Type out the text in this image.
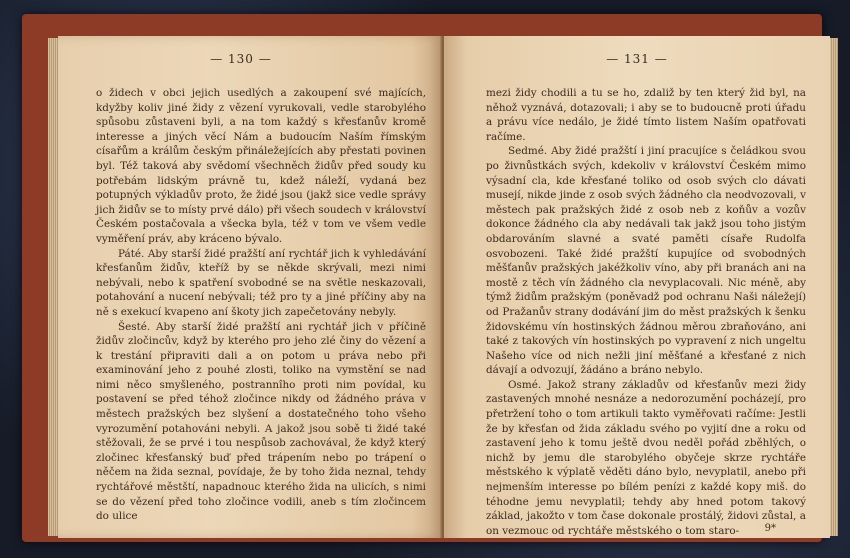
— 130 —

o židech v obci jejich usedlých a zakoupení své majících, kdyžby koliv jiné židy z vězení vyrukovali, vedle starobylého spůsobu zůstaveni byli, a na tom každý s křesťanův kromě interesse a jiných věcí Nám a budoucím Naším římským císařům a králům českým přináležejících aby přestati povinen byl. Též taková aby svědomí všechněch židův před soudy ku potřebám lidským právně tu, kdež náleží, vydaná bez potupných výkladův proto, že židé jsou (jakž sice vedle správy jich židův se to místy prvé dálo) při všech soudech v království Českém postačovala a všecka byla, též v tom ve všem vedle vyměření práv, aby kráceno bývalo.

Páté. Aby starší židé pražští aní rychtář jich k vyhledávání křesťanům židův, kteříž by se někde skrývali, mezi nimi nebývali, nebo k spatření svobodné se na světle neskazovali, potahování a nucení nebývali; též pro ty a jiné příčiny aby na ně s exekucí kvapeno aní škoty jich zapečetovány nebyly.

Šesté. Aby starší židé pražští ani rychtář jich v příčině židův zločincův, když by kterého pro jeho zlé činy do vězení a k trestání připraviti dali a on potom u práva nebo při examinování jeho z pouhé zlosti, toliko na vymstění se nad nimi něco smyšleného, postrannîho proti nim povídal, ku postavení se před téhož zločince nikdy od žádného práva v městech pražských bez slyšení a dostatečného toho všeho vyrozumění potahováni nebyli. A jakož jsou sobě ti židé také stěžovali, že se prvé i tou nespůsob zachovával, že když který zločinec křesťanský buď před trápením nebo po trápení o něčem na žida seznal, povídaje, že by toho žida neznal, tehdy rychtářové městští, napadnouc kterého žida na ulicích, s nimi se do vězení před toho zločince vodili, aneb s tím zločincem do ulice

— 131 —

mezi židy chodili a tu se ho, zdaliž by ten který žid byl, na něhož vyznává, dotazovali; i aby se to budoucně proti úřadu a právu více nedálo, je židé tímto listem Naším opatřovati račíme.

Sedmé. Aby židé pražští i jiní pracujíce s čeládkou svou po živnůstkách svých, kdekoliv v království Českém mimo výsadní cla, kde křesťané toliko od osob svých clo dávati musejí, nikde jinde z osob svých žádného cla neodvozovali, v městech pak pražských židé z osob neb z koňův a vozův dokonce žádného cla aby nedávali tak jakž jsou toho jistým obdarováním slavné a svaté paměti císaře Rudolfa osvobozeni. Také židé pražští kupujíce od svobodných měšťanův pražských jakéžkoliv víno, aby při branách ani na mostě z těch vín žádného cla nevyplacovali. Nic méně, aby týmž židům pražským (poněvadž pod ochranu Naši náležejí) od Pražanův strany dodávání jim do měst pražských k šenku židovskému vín hostinských žádnou měrou zbraňováno, ani také z takových vín hostinských po vypravení z nich ungeltu Našeho více od nich nežli jiní měšťané a křesťané z nich dávají a odvozují, žádáno a bráno nebylo.

Osmé. Jakož strany základův od křesťanův mezi židy zastavených mnohé nesnáze a nedorozumění pocházejí, pro přetržení toho o tom artikuli takto vyměřovati račíme: Jestli že by křesťan od žida základu svého po vyjití dne a roku od zastavení jeho k tomu ještě dvou neděl pořád zběhlých, o nichž by jemu dle starobylého obyčeje skrze rychtáře městského k výplatě věděti dáno bylo, nevyplatil, anebo při nejmenším interesse po bílém penízi z každé kopy miš. do téhodne jemu nevyplatil; tehdy aby hned potom takový základ, jakožto v tom čase dokonale prostálý, židovi zůstal, a on vezmouc od rychtáře městského o tom staro-	9*
